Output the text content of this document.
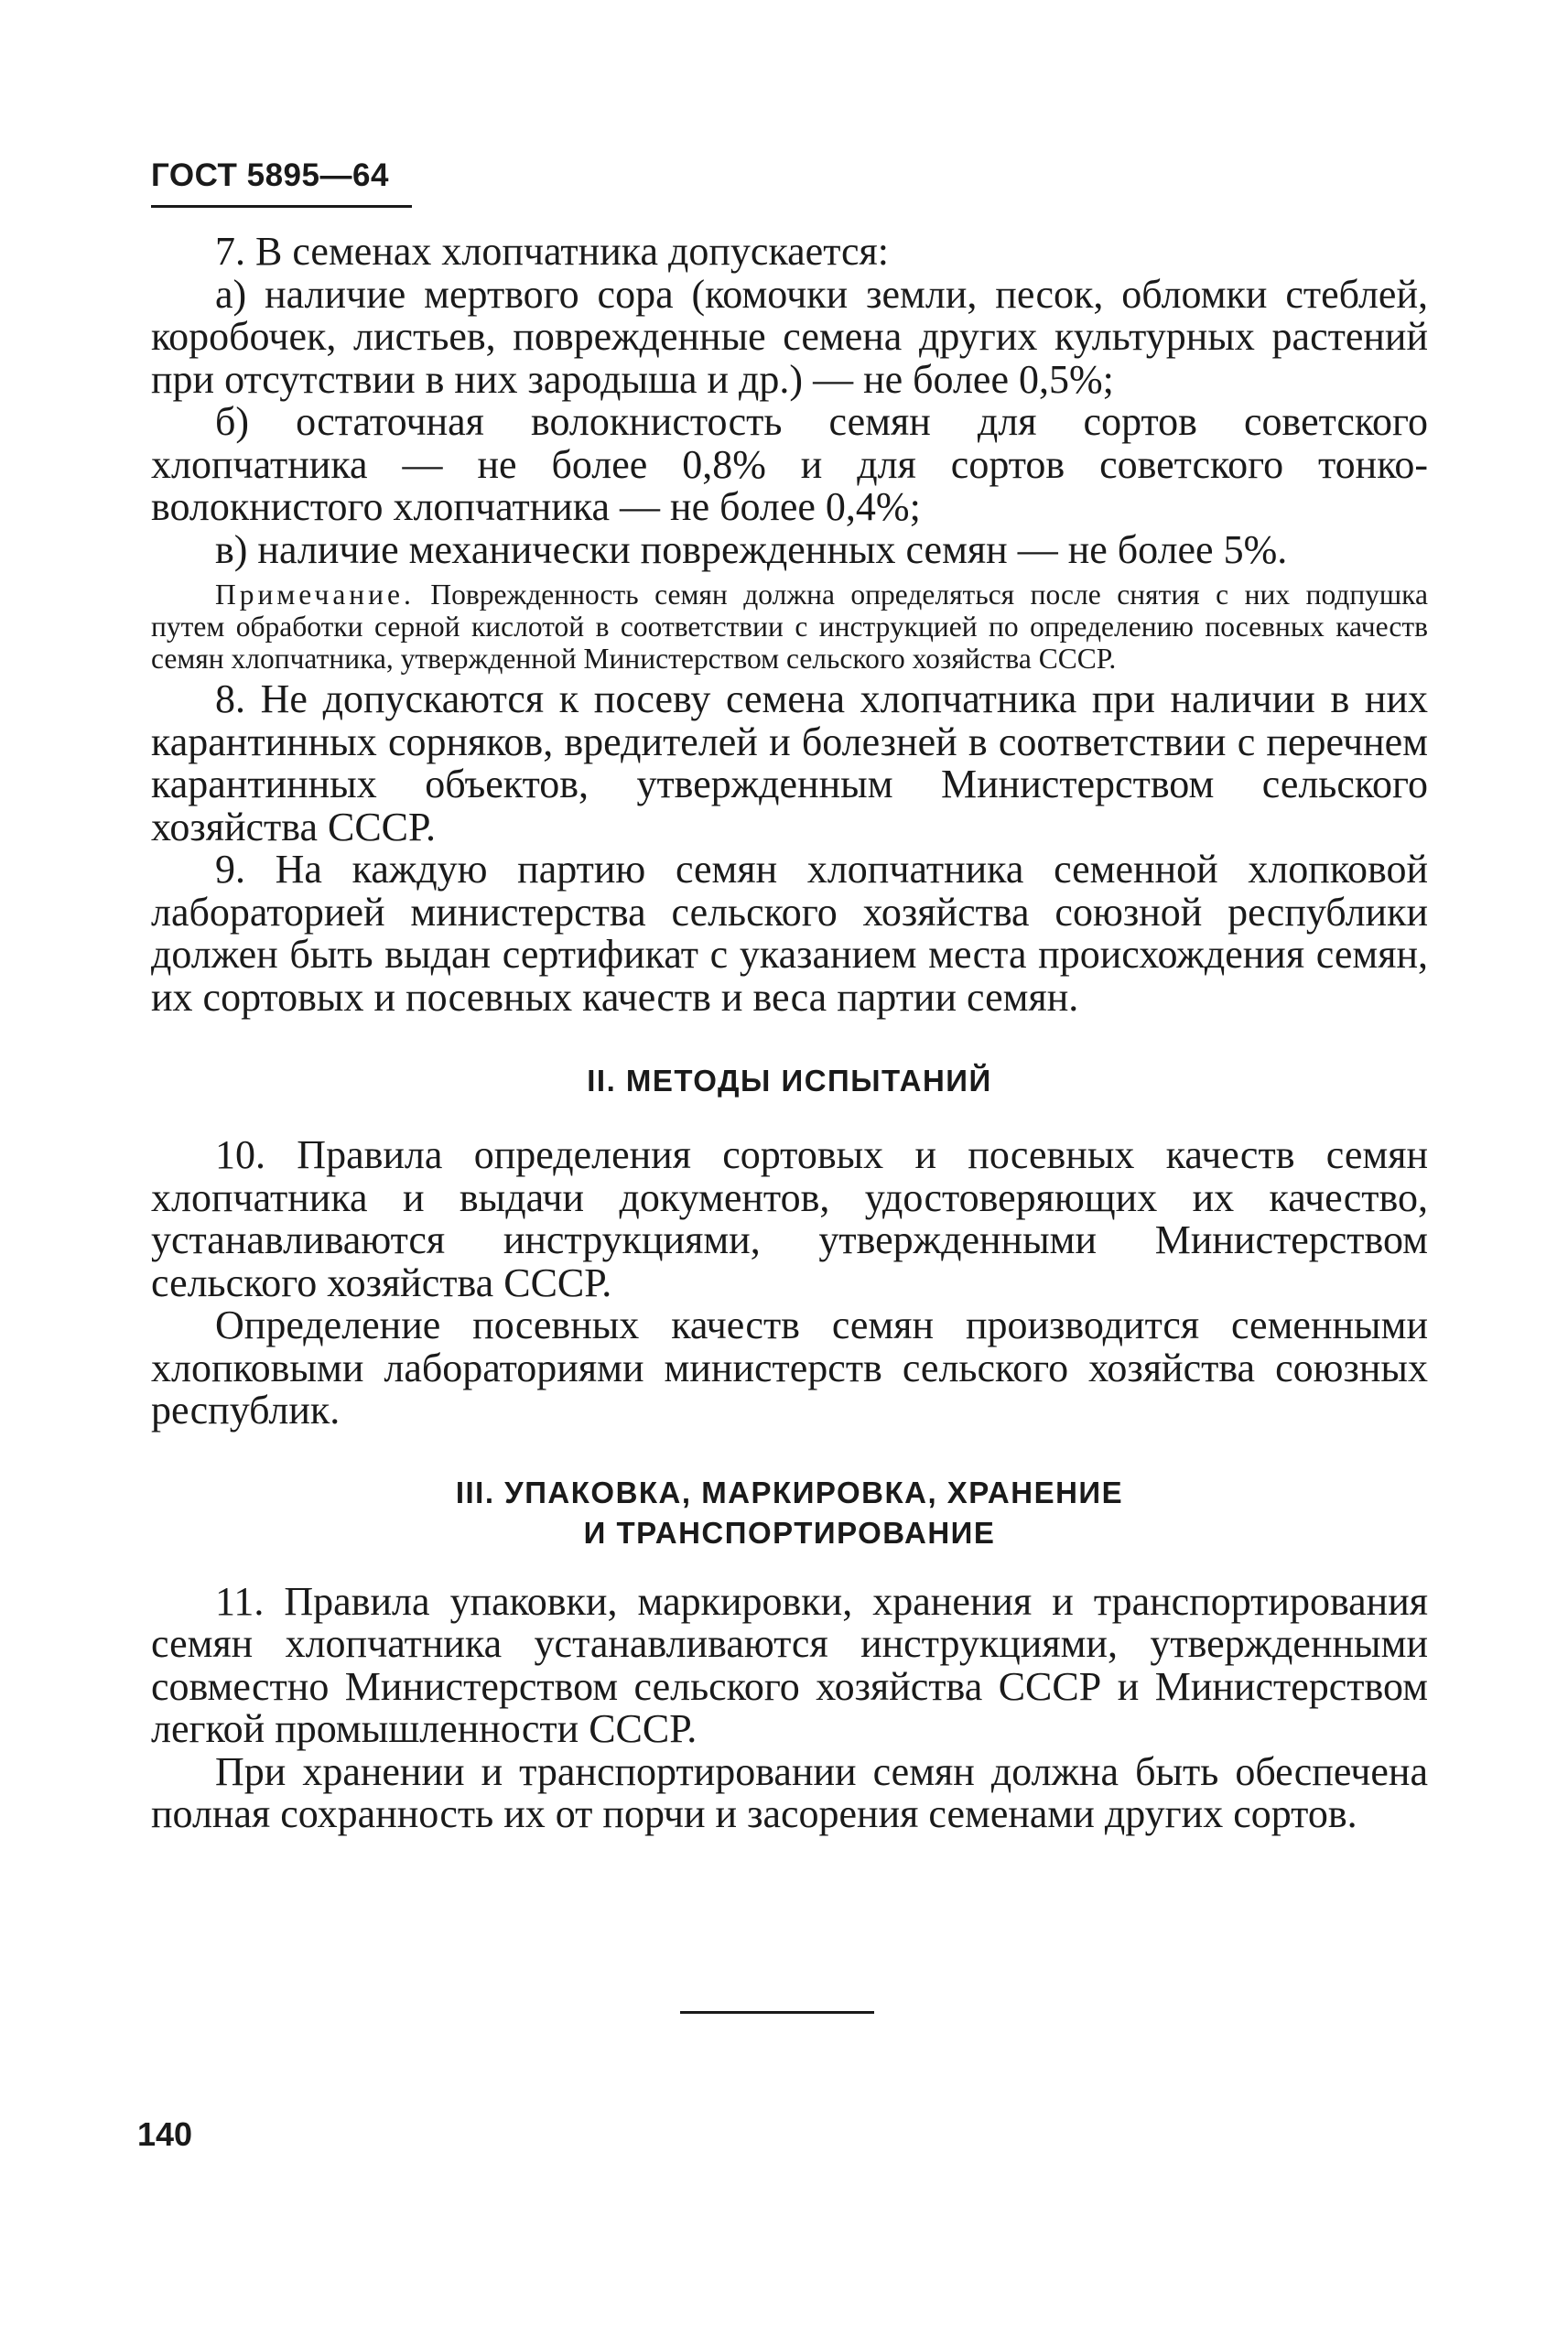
ГОСТ 5895—64

7. В семенах хлопчатника допускается:

а) наличие мертвого сора (комочки земли, песок, обломки стеблей, коробочек, листьев, поврежденные семена других культурных растений при отсутствии в них зародыша и др.) — не более 0,5%;

б) остаточная волокнистость семян для сортов советского хлопчатника — не более 0,8% и для сортов советского тонко-волокнистого хлопчатника — не более 0,4%;

в) наличие механически поврежденных семян — не более 5%.

Примечание. Поврежденность семян должна определяться после снятия с них подпушка путем обработки серной кислотой в соответствии с инструкцией по определению посевных качеств семян хлопчатника, утвержденной Министерством сельского хозяйства СССР.

8. Не допускаются к посеву семена хлопчатника при наличии в них карантинных сорняков, вредителей и болезней в соответствии с перечнем карантинных объектов, утвержденным Министерством сельского хозяйства СССР.

9. На каждую партию семян хлопчатника семенной хлопковой лабораторией министерства сельского хозяйства союзной республики должен быть выдан сертификат с указанием места происхождения семян, их сортовых и посевных качеств и веса партии семян.

II. МЕТОДЫ ИСПЫТАНИЙ

10. Правила определения сортовых и посевных качеств семян хлопчатника и выдачи документов, удостоверяющих их качество, устанавливаются инструкциями, утвержденными Министерством сельского хозяйства СССР.

Определение посевных качеств семян производится семенными хлопковыми лабораториями министерств сельского хозяйства союзных республик.

III. УПАКОВКА, МАРКИРОВКА, ХРАНЕНИЕ
И ТРАНСПОРТИРОВАНИЕ

11. Правила упаковки, маркировки, хранения и транспортирования семян хлопчатника устанавливаются инструкциями, утвержденными совместно Министерством сельского хозяйства СССР и Министерством легкой промышленности СССР.

При хранении и транспортировании семян должна быть обеспечена полная сохранность их от порчи и засорения семенами других сортов.

140
